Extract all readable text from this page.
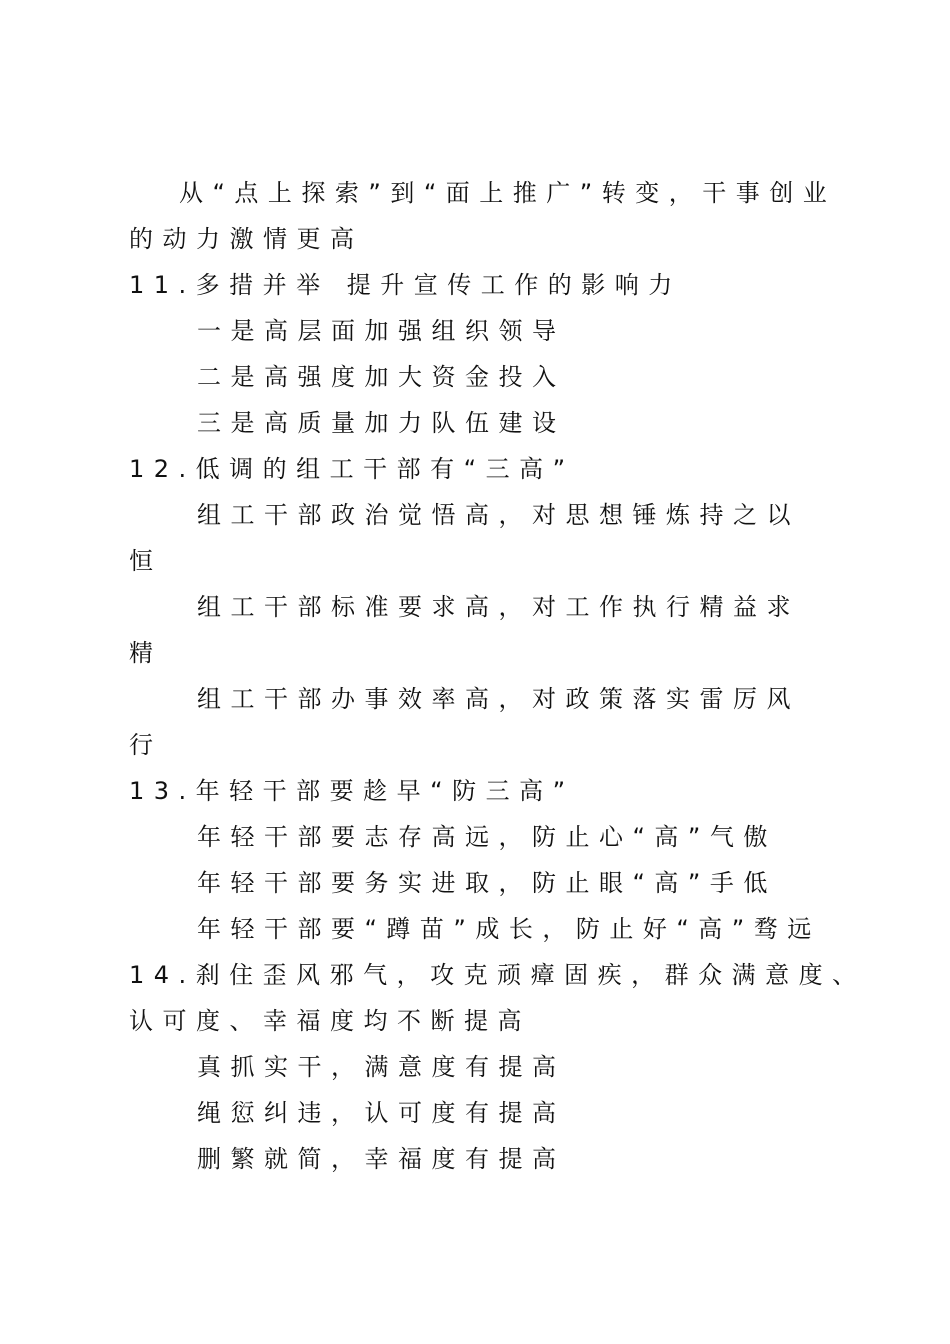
从“点上探索”到“面上推广”转变，干事创业
的动力激情更高
11.多措并举 提升宣传工作的影响力
一是高层面加强组织领导
二是高强度加大资金投入
三是高质量加力队伍建设
12.低调的组工干部有“三高”
组工干部政治觉悟高，对思想锤炼持之以
恒
组工干部标准要求高，对工作执行精益求
精
组工干部办事效率高，对政策落实雷厉风
行
13.年轻干部要趁早“防三高”
年轻干部要志存高远，防止心“高”气傲
年轻干部要务实进取，防止眼“高”手低
年轻干部要“蹲苗”成长，防止好“高”骛远
14.刹住歪风邪气，攻克顽瘴固疾，群众满意度、
认可度、幸福度均不断提高
真抓实干，满意度有提高
绳愆纠违，认可度有提高
删繁就简，幸福度有提高
